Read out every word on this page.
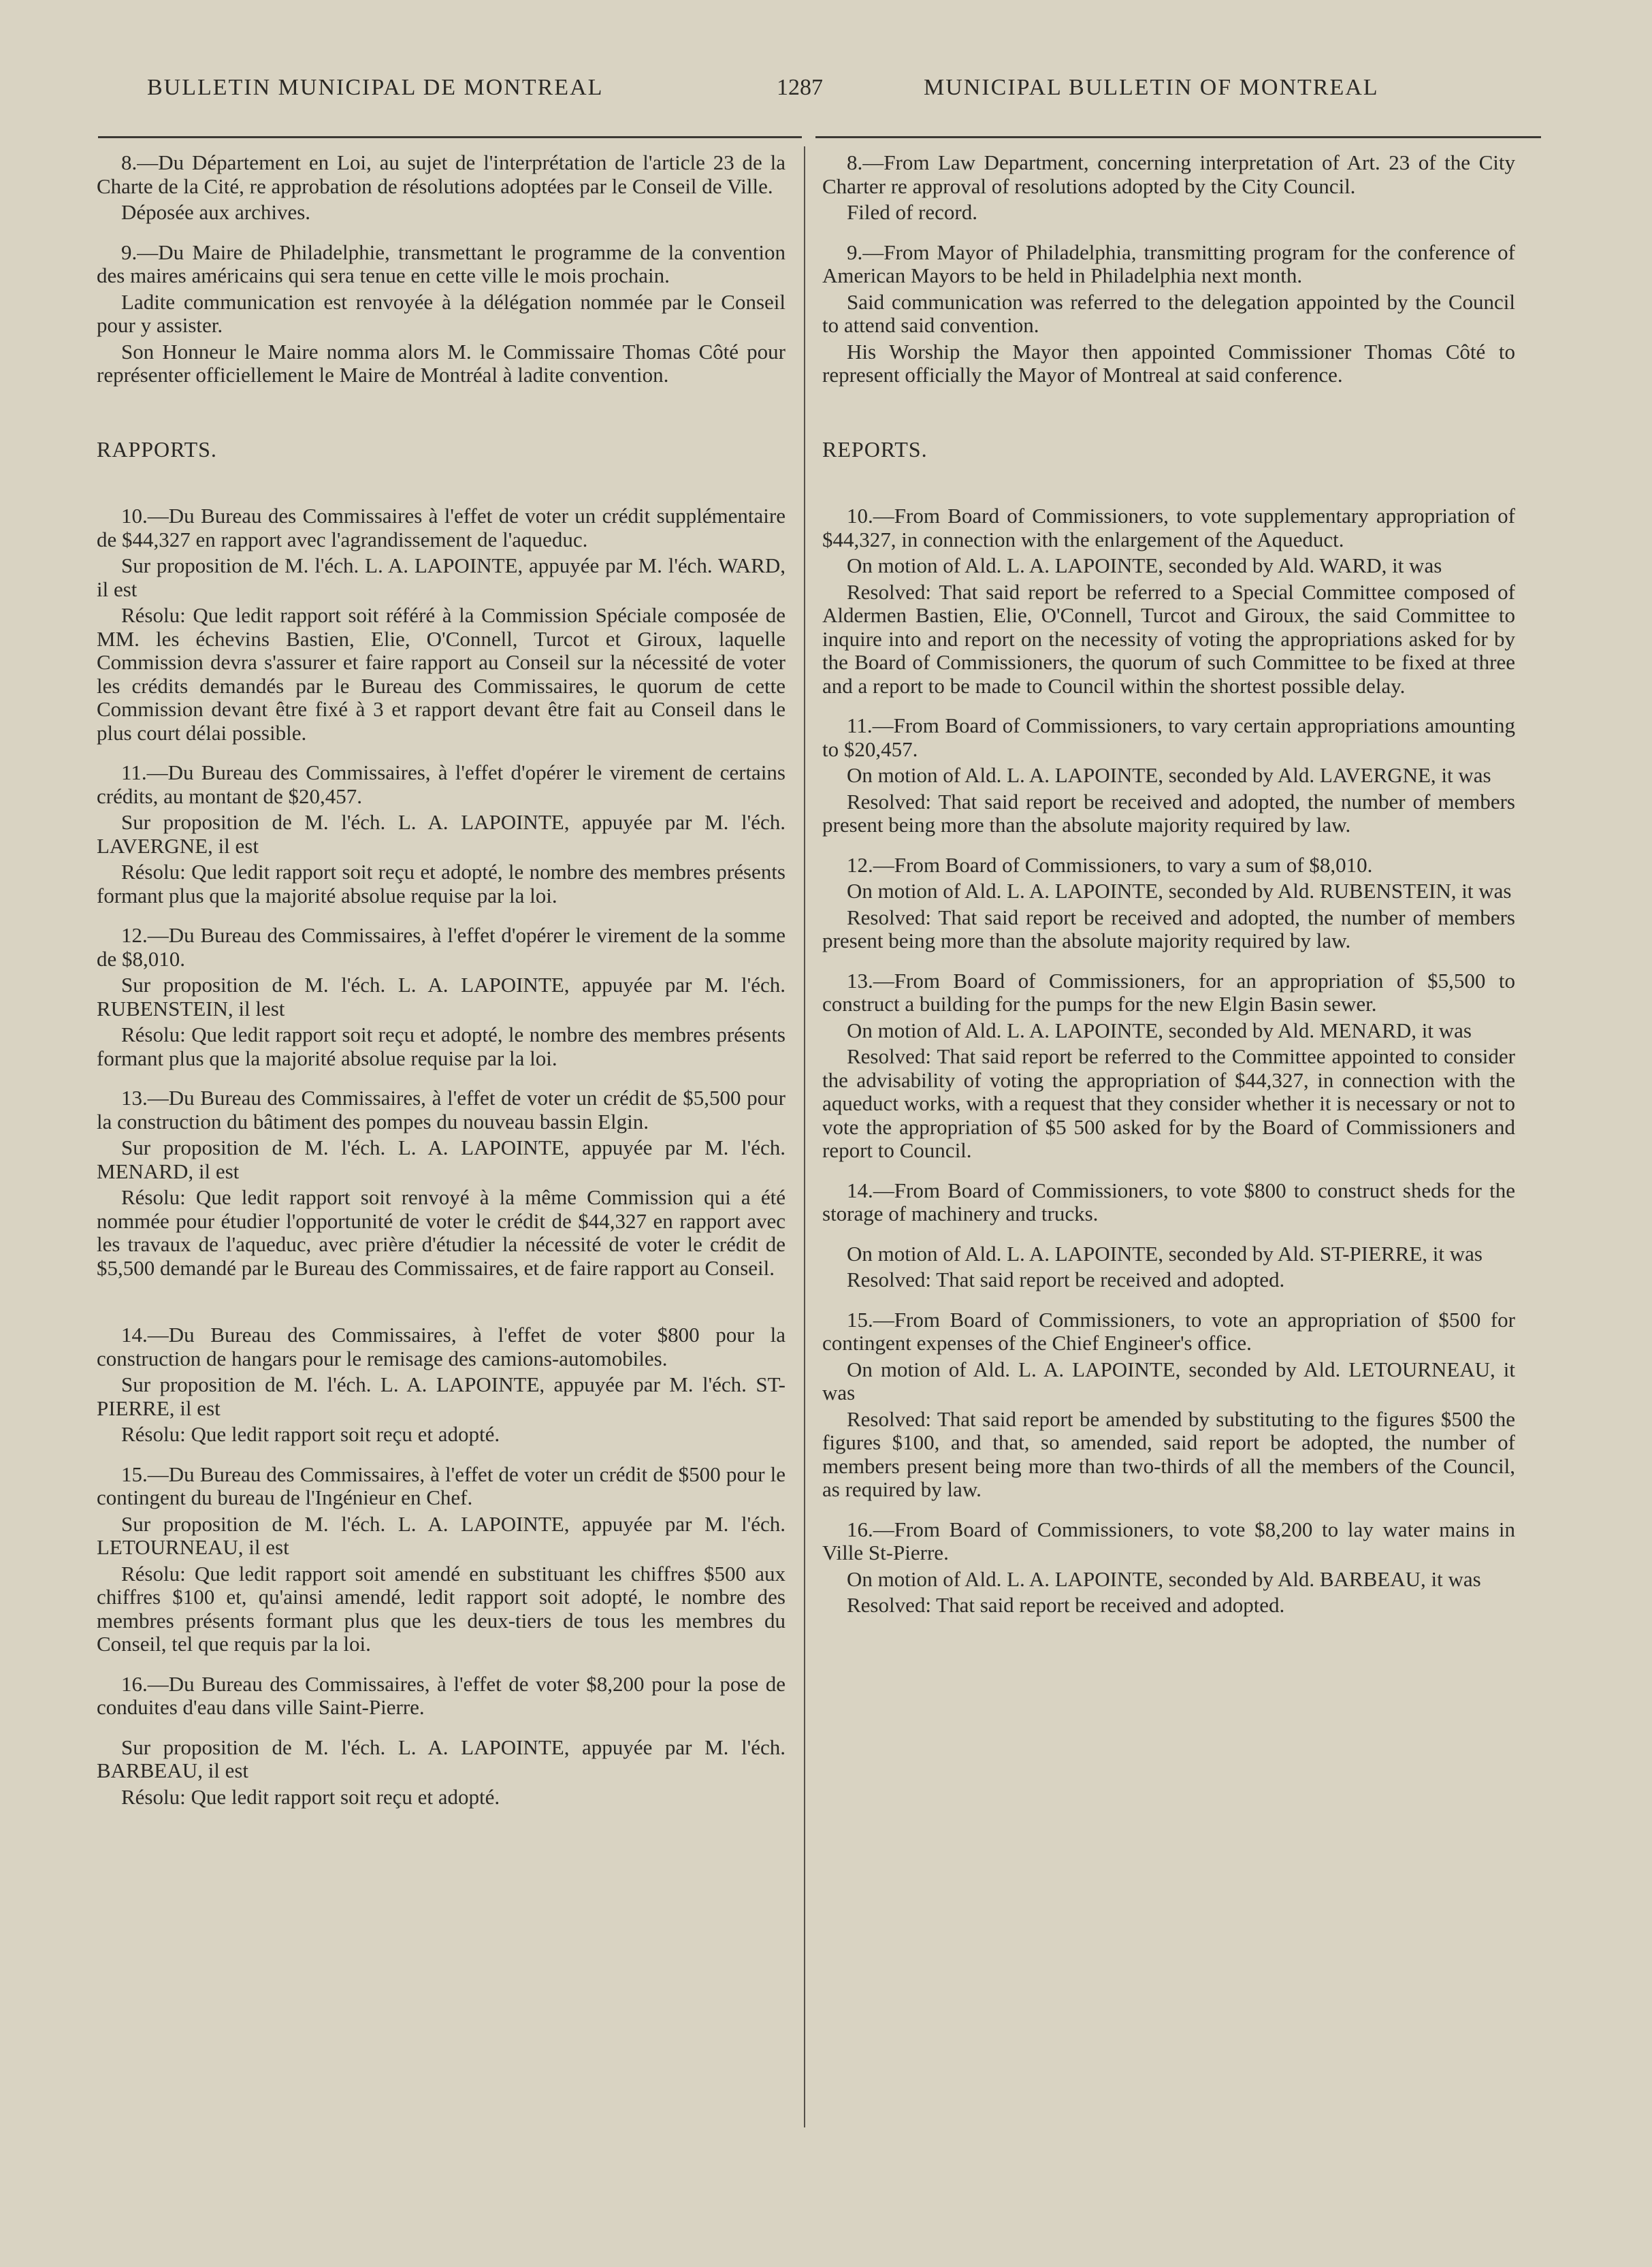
BULLETIN MUNICIPAL DE MONTREAL	1287	MUNICIPAL BULLETIN OF MONTREAL

8.—Du Département en Loi, au sujet de l'interprétation de l'article 23 de la Charte de la Cité, re approbation de résolutions adoptées par le Conseil de Ville.

Déposée aux archives.

9.—Du Maire de Philadelphie, transmettant le programme de la convention des maires américains qui sera tenue en cette ville le mois prochain.

Ladite communication est renvoyée à la délégation nommée par le Conseil pour y assister.

Son Honneur le Maire nomma alors M. le Commissaire Thomas Côté pour représenter officiellement le Maire de Montréal à ladite convention.

RAPPORTS.

10.—Du Bureau des Commissaires à l'effet de voter un crédit supplémentaire de $44,327 en rapport avec l'agrandissement de l'aqueduc.

Sur proposition de M. l'éch. L. A. LAPOINTE, appuyée par M. l'éch. WARD, il est

Résolu: Que ledit rapport soit référé à la Commission Spéciale composée de MM. les échevins Bastien, Elie, O'Connell, Turcot et Giroux, laquelle Commission devra s'assurer et faire rapport au Conseil sur la nécessité de voter les crédits demandés par le Bureau des Commissaires, le quorum de cette Commission devant être fixé à 3 et rapport devant être fait au Conseil dans le plus court délai possible.

11.—Du Bureau des Commissaires, à l'effet d'opérer le virement de certains crédits, au montant de $20,457.

Sur proposition de M. l'éch. L. A. LAPOINTE, appuyée par M. l'éch. LAVERGNE, il est

Résolu: Que ledit rapport soit reçu et adopté, le nombre des membres présents formant plus que la majorité absolue requise par la loi.

12.—Du Bureau des Commissaires, à l'effet d'opérer le virement de la somme de $8,010.

Sur proposition de M. l'éch. L. A. LAPOINTE, appuyée par M. l'éch. RUBENSTEIN, il lest

Résolu: Que ledit rapport soit reçu et adopté, le nombre des membres présents formant plus que la majorité absolue requise par la loi.

13.—Du Bureau des Commissaires, à l'effet de voter un crédit de $5,500 pour la construction du bâtiment des pompes du nouveau bassin Elgin.

Sur proposition de M. l'éch. L. A. LAPOINTE, appuyée par M. l'éch. MENARD, il est

Résolu: Que ledit rapport soit renvoyé à la même Commission qui a été nommée pour étudier l'opportunité de voter le crédit de $44,327 en rapport avec les travaux de l'aqueduc, avec prière d'étudier la nécessité de voter le crédit de $5,500 demandé par le Bureau des Commissaires, et de faire rapport au Conseil.

14.—Du Bureau des Commissaires, à l'effet de voter $800 pour la construction de hangars pour le remisage des camions-automobiles.

Sur proposition de M. l'éch. L. A. LAPOINTE, appuyée par M. l'éch. ST-PIERRE, il est

Résolu: Que ledit rapport soit reçu et adopté.

15.—Du Bureau des Commissaires, à l'effet de voter un crédit de $500 pour le contingent du bureau de l'Ingénieur en Chef.

Sur proposition de M. l'éch. L. A. LAPOINTE, appuyée par M. l'éch. LETOURNEAU, il est

Résolu: Que ledit rapport soit amendé en substituant les chiffres $500 aux chiffres $100 et, qu'ainsi amendé, ledit rapport soit adopté, le nombre des membres présents formant plus que les deux-tiers de tous les membres du Conseil, tel que requis par la loi.

16.—Du Bureau des Commissaires, à l'effet de voter $8,200 pour la pose de conduites d'eau dans ville Saint-Pierre.

Sur proposition de M. l'éch. L. A. LAPOINTE, appuyée par M. l'éch. BARBEAU, il est

Résolu: Que ledit rapport soit reçu et adopté.

8.—From Law Department, concerning interpretation of Art. 23 of the City Charter re approval of resolutions adopted by the City Council.

Filed of record.

9.—From Mayor of Philadelphia, transmitting program for the conference of American Mayors to be held in Philadelphia next month.

Said communication was referred to the delegation appointed by the Council to attend said convention.

His Worship the Mayor then appointed Commissioner Thomas Côté to represent officially the Mayor of Montreal at said conference.

REPORTS.

10.—From Board of Commissioners, to vote supplementary appropriation of $44,327, in connection with the enlargement of the Aqueduct.

On motion of Ald. L. A. LAPOINTE, seconded by Ald. WARD, it was

Resolved: That said report be referred to a Special Committee composed of Aldermen Bastien, Elie, O'Connell, Turcot and Giroux, the said Committee to inquire into and report on the necessity of voting the appropriations asked for by the Board of Commissioners, the quorum of such Committee to be fixed at three and a report to be made to Council within the shortest possible delay.

11.—From Board of Commissioners, to vary certain appropriations amounting to $20,457.

On motion of Ald. L. A. LAPOINTE, seconded by Ald. LAVERGNE, it was

Resolved: That said report be received and adopted, the number of members present being more than the absolute majority required by law.

12.—From Board of Commissioners, to vary a sum of $8,010.

On motion of Ald. L. A. LAPOINTE, seconded by Ald. RUBENSTEIN, it was

Resolved: That said report be received and adopted, the number of members present being more than the absolute majority required by law.

13.—From Board of Commissioners, for an appropriation of $5,500 to construct a building for the pumps for the new Elgin Basin sewer.

On motion of Ald. L. A. LAPOINTE, seconded by Ald. MENARD, it was

Resolved: That said report be referred to the Committee appointed to consider the advisability of voting the appropriation of $44,327, in connection with the aqueduct works, with a request that they consider whether it is necessary or not to vote the appropriation of $5 500 asked for by the Board of Commissioners and report to Council.

14.—From Board of Commissioners, to vote $800 to construct sheds for the storage of machinery and trucks.

On motion of Ald. L. A. LAPOINTE, seconded by Ald. ST-PIERRE, it was

Resolved: That said report be received and adopted.

15.—From Board of Commissioners, to vote an appropriation of $500 for contingent expenses of the Chief Engineer's office.

On motion of Ald. L. A. LAPOINTE, seconded by Ald. LETOURNEAU, it was

Resolved: That said report be amended by substituting to the figures $500 the figures $100, and that, so amended, said report be adopted, the number of members present being more than two-thirds of all the members of the Council, as required by law.

16.—From Board of Commissioners, to vote $8,200 to lay water mains in Ville St-Pierre.

On motion of Ald. L. A. LAPOINTE, seconded by Ald. BARBEAU, it was

Resolved: That said report be received and adopted.
